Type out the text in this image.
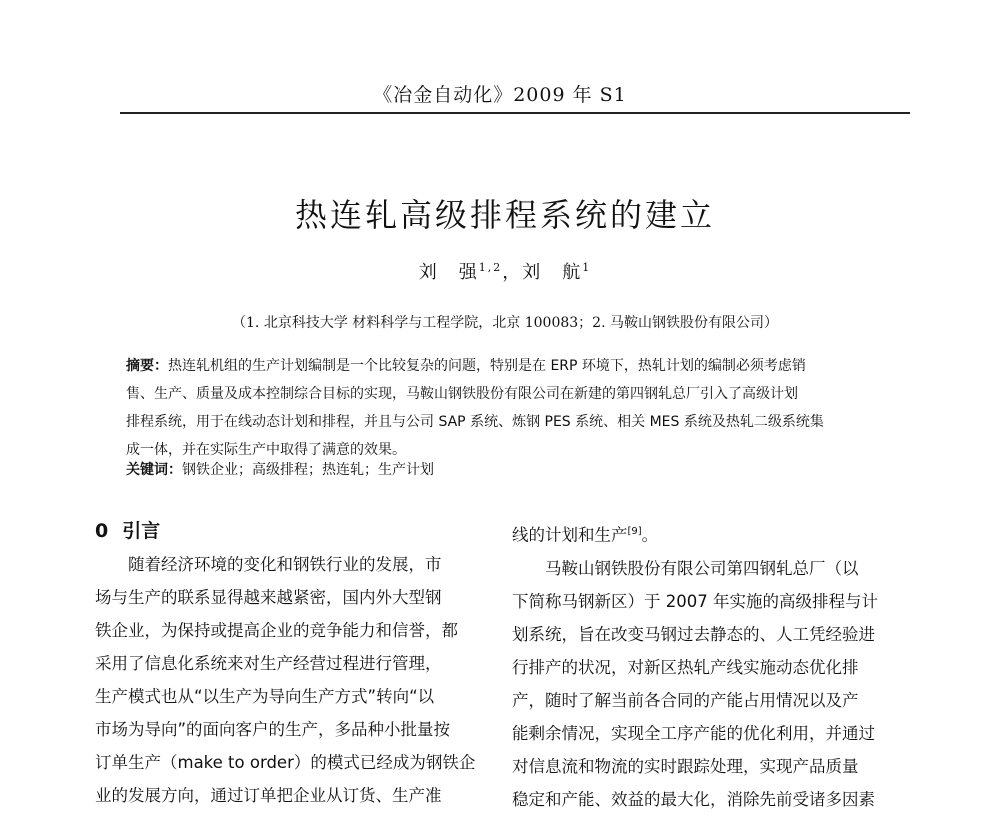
《冶金自动化》2009 年 S1
热连轧高级排程系统的建立
刘　强$^{1,2}$，刘　航$^1$
（1. 北京科技大学 材料科学与工程学院，北京 100083；2. 马鞍山钢铁股份有限公司）
摘要：热连轧机组的生产计划编制是一个比较复杂的问题，特别是在 ERP 环境下，热轧计划的编制必须考虑销
售、生产、质量及成本控制综合目标的实现，马鞍山钢铁股份有限公司在新建的第四钢轧总厂引入了高级计划
排程系统，用于在线动态计划和排程，并且与公司 SAP 系统、炼钢 PES 系统、相关 MES 系统及热轧二级系统集
成一体，并在实际生产中取得了满意的效果。
关键词：钢铁企业；高级排程；热连轧；生产计划
0 引言
随着经济环境的变化和钢铁行业的发展，市
场与生产的联系显得越来越紧密，国内外大型钢
铁企业，为保持或提高企业的竞争能力和信誉，都
采用了信息化系统来对生产经营过程进行管理，
生产模式也从“以生产为导向生产方式”转向“以
市场为导向”的面向客户的生产，多品种小批量按
订单生产（make to order）的模式已经成为钢铁企
业的发展方向，通过订单把企业从订货、生产准
线的计划和生产[9]。
马鞍山钢铁股份有限公司第四钢轧总厂（以
下简称马钢新区）于 2007 年实施的高级排程与计
划系统，旨在改变马钢过去静态的、人工凭经验进
行排产的状况，对新区热轧产线实施动态优化排
产，随时了解当前各合同的产能占用情况以及产
能剩余情况，实现全工序产能的优化利用，并通过
对信息流和物流的实时跟踪处理，实现产品质量
稳定和产能、效益的最大化，消除先前受诸多因素
